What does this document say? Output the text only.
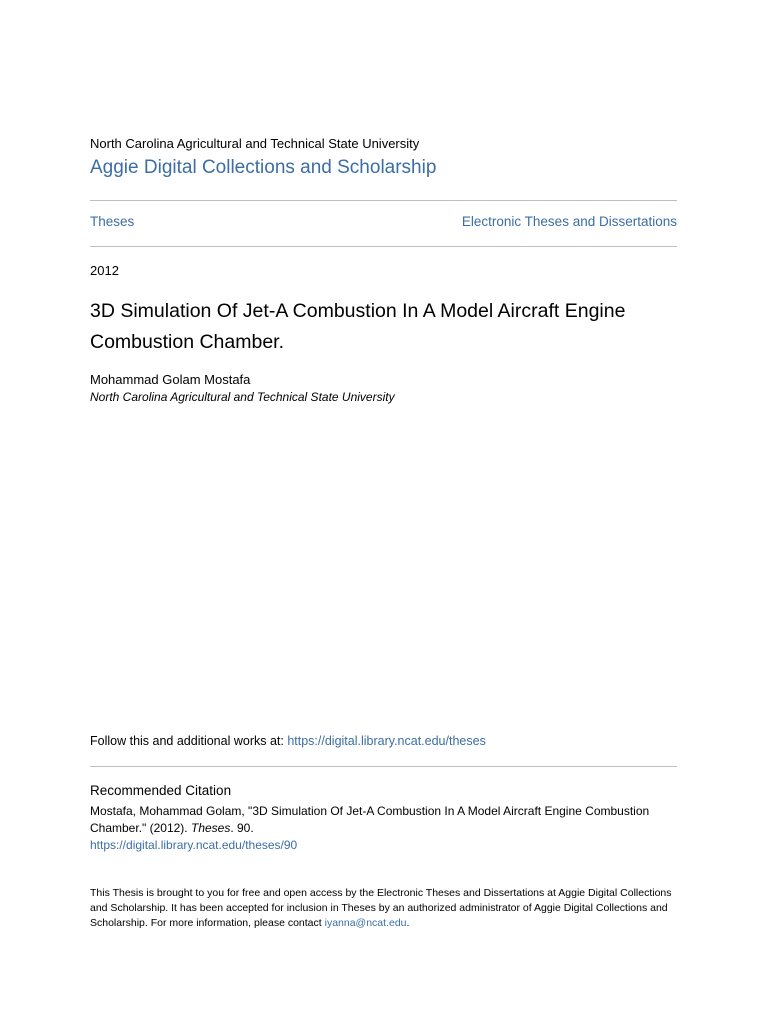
North Carolina Agricultural and Technical State University
Aggie Digital Collections and Scholarship
Theses	Electronic Theses and Dissertations
2012
3D Simulation Of Jet-A Combustion In A Model Aircraft Engine Combustion Chamber.
Mohammad Golam Mostafa
North Carolina Agricultural and Technical State University
Follow this and additional works at: https://digital.library.ncat.edu/theses
Recommended Citation
Mostafa, Mohammad Golam, "3D Simulation Of Jet-A Combustion In A Model Aircraft Engine Combustion Chamber." (2012). Theses. 90.
https://digital.library.ncat.edu/theses/90
This Thesis is brought to you for free and open access by the Electronic Theses and Dissertations at Aggie Digital Collections and Scholarship. It has been accepted for inclusion in Theses by an authorized administrator of Aggie Digital Collections and Scholarship. For more information, please contact iyanna@ncat.edu.
